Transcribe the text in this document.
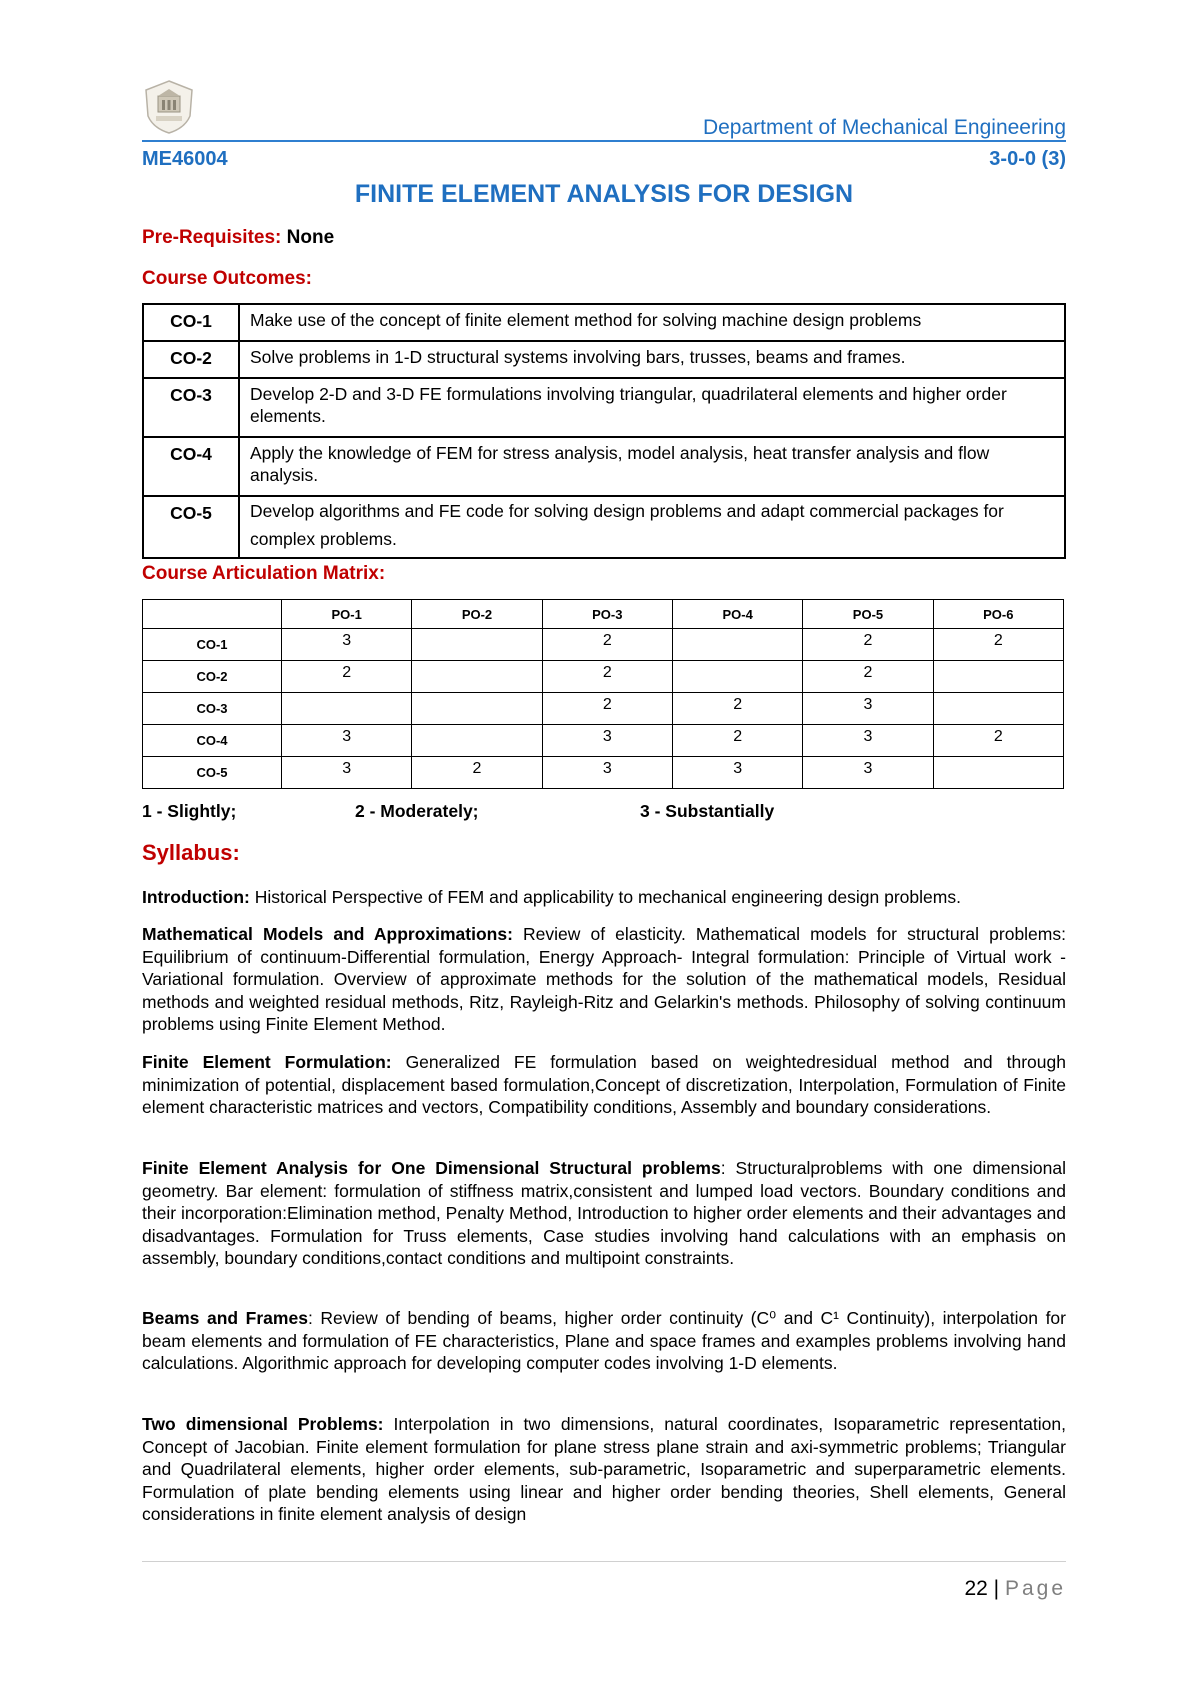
Department of Mechanical Engineering
ME46004	3-0-0 (3)
FINITE ELEMENT ANALYSIS FOR DESIGN
Pre-Requisites: None
Course Outcomes:
CO-1	Make use of the concept of finite element method for solving machine design problems
CO-2	Solve problems in 1-D structural systems involving bars, trusses, beams and frames.
CO-3	Develop 2-D and 3-D FE formulations involving triangular, quadrilateral elements and higher order elements.
CO-4	Apply the knowledge of FEM for stress analysis, model analysis, heat transfer analysis and flow analysis.
CO-5	Develop algorithms and FE code for solving design problems and adapt commercial packages for complex problems.
Course Articulation Matrix:
	PO-1	PO-2	PO-3	PO-4	PO-5	PO-6
CO-1	3		2		2	2
CO-2	2		2		2	
CO-3			2	2	3	
CO-4	3		3	2	3	2
CO-5	3	2	3	3	3	
1 - Slightly;	2 - Moderately;	3 - Substantially
Syllabus:
Introduction: Historical Perspective of FEM and applicability to mechanical engineering design problems.
Mathematical Models and Approximations: Review of elasticity. Mathematical models for structural problems: Equilibrium of continuum-Differential formulation, Energy Approach- Integral formulation: Principle of Virtual work - Variational formulation. Overview of approximate methods for the solution of the mathematical models, Residual methods and weighted residual methods, Ritz, Rayleigh-Ritz and Gelarkin's methods. Philosophy of solving continuum problems using Finite Element Method.
Finite Element Formulation: Generalized FE formulation based on weightedresidual method and through minimization of potential, displacement based formulation,Concept of discretization, Interpolation, Formulation of Finite element characteristic matrices and vectors, Compatibility conditions, Assembly and boundary considerations.
Finite Element Analysis for One Dimensional Structural problems: Structuralproblems with one dimensional geometry. Bar element: formulation of stiffness matrix,consistent and lumped load vectors. Boundary conditions and their incorporation:Elimination method, Penalty Method, Introduction to higher order elements and their advantages and disadvantages. Formulation for Truss elements, Case studies involving hand calculations with an emphasis on assembly, boundary conditions,contact conditions and multipoint constraints.
Beams and Frames: Review of bending of beams, higher order continuity (C⁰ and C¹ Continuity), interpolation for beam elements and formulation of FE characteristics, Plane and space frames and examples problems involving hand calculations. Algorithmic approach for developing computer codes involving 1-D elements.
Two dimensional Problems: Interpolation in two dimensions, natural coordinates, Isoparametric representation, Concept of Jacobian. Finite element formulation for plane stress plane strain and axi-symmetric problems; Triangular and Quadrilateral elements, higher order elements, sub-parametric, Isoparametric and superparametric elements. Formulation of plate bending elements using linear and higher order bending theories, Shell elements, General considerations in finite element analysis of design
22 | Page
